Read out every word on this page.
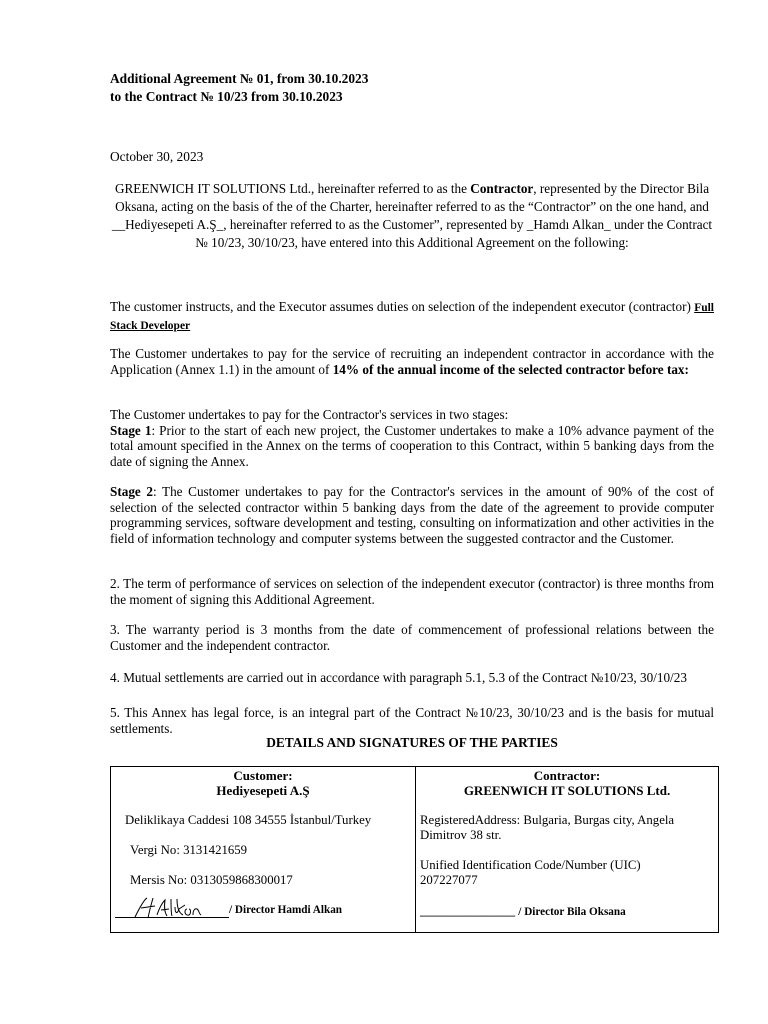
Additional Agreement № 01, from 30.10.2023
to the Contract № 10/23 from 30.10.2023
October 30, 2023
GREENWICH IT SOLUTIONS Ltd., hereinafter referred to as the Contractor, represented by the Director Bila Oksana, acting on the basis of the of the Charter, hereinafter referred to as the “Contractor” on the one hand, and __Hediyesepeti A.Ş_, hereinafter referred to as the Customer”, represented by _Hamdı Alkan_ under the Contract № 10/23, 30/10/23, have entered into this Additional Agreement on the following:
The customer instructs, and the Executor assumes duties on selection of the independent executor (contractor) Full Stack Developer
The Customer undertakes to pay for the service of recruiting an independent contractor in accordance with the Application (Annex 1.1) in the amount of 14% of the annual income of the selected contractor before tax:
The Customer undertakes to pay for the Contractor's services in two stages:
Stage 1: Prior to the start of each new project, the Customer undertakes to make a 10% advance payment of the total amount specified in the Annex on the terms of cooperation to this Contract, within 5 banking days from the date of signing the Annex.
Stage 2: The Customer undertakes to pay for the Contractor's services in the amount of 90% of the cost of selection of the selected contractor within 5 banking days from the date of the agreement to provide computer programming services, software development and testing, consulting on informatization and other activities in the field of information technology and computer systems between the suggested contractor and the Customer.
2. The term of performance of services on selection of the independent executor (contractor) is three months from the moment of signing this Additional Agreement.
3. The warranty period is 3 months from the date of commencement of professional relations between the Customer and the independent contractor.
4. Mutual settlements are carried out in accordance with paragraph 5.1, 5.3 of the Contract №10/23, 30/10/23
5. This Annex has legal force, is an integral part of the Contract №10/23, 30/10/23 and is the basis for mutual settlements.
DETAILS AND SIGNATURES OF THE PARTIES
Customer:
Hediyesepeti A.Ş
Deliklikaya Caddesi 108 34555 İstanbul/Turkey
Vergi No: 3131421659
Mersis No: 0313059868300017
/ Director Hamdi Alkan

Contractor:
GREENWICH IT SOLUTIONS Ltd.
RegisteredAddress: Bulgaria, Burgas city, Angela Dimitrov 38 str.
Unified Identification Code/Number (UIC)
207227077
_________________ / Director Bila Oksana
